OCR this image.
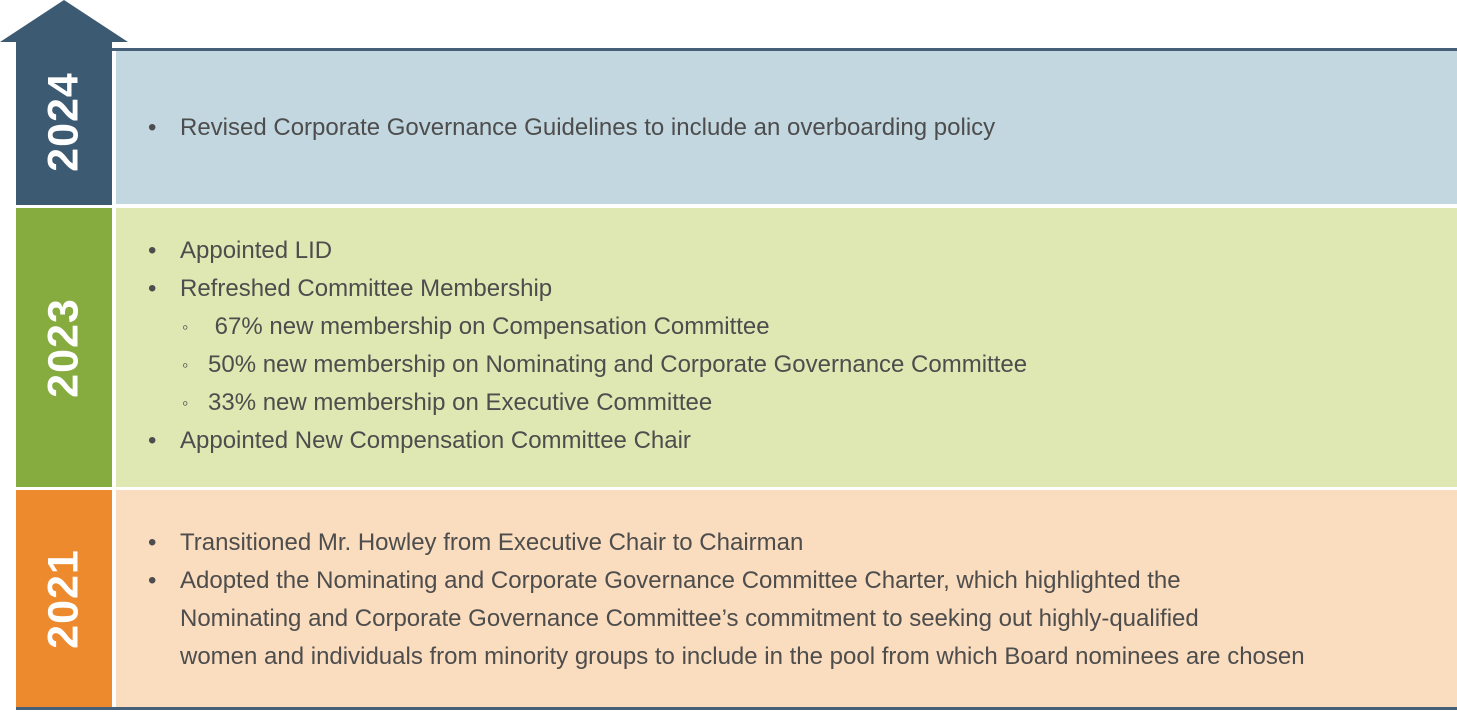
2024	• Revised Corporate Governance Guidelines to include an overboarding policy
2023
• Appointed LID
• Refreshed Committee Membership
◦ 67% new membership on Compensation Committee
◦ 50% new membership on Nominating and Corporate Governance Committee
◦ 33% new membership on Executive Committee
• Appointed New Compensation Committee Chair
2021
• Transitioned Mr. Howley from Executive Chair to Chairman
• Adopted the Nominating and Corporate Governance Committee Charter, which highlighted the
Nominating and Corporate Governance Committee’s commitment to seeking out highly-qualified
women and individuals from minority groups to include in the pool from which Board nominees are chosen
